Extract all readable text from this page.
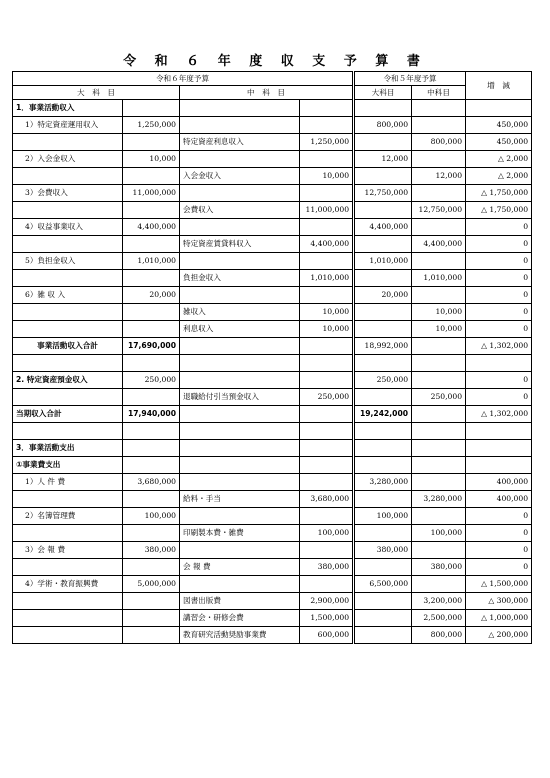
令 和 ６ 年 度 収 支 予 算 書
令和６年度予算				令和５年度予算		増　減
大　科　目		中　科　目		大科目	中科目	
1．事業活動収入						
1）特定資産運用収入	1,250,000			800,000		450,000
		特定資産利息収入	1,250,000		800,000	450,000
2）入会金収入	10,000			12,000		△ 2,000
		入会金収入	10,000		12,000	△ 2,000
3）会費収入	11,000,000			12,750,000		△ 1,750,000
		会費収入	11,000,000		12,750,000	△ 1,750,000
4）収益事業収入	4,400,000			4,400,000		0
		特定資産賃貸料収入	4,400,000		4,400,000	0
5）負担金収入	1,010,000			1,010,000		0
		負担金収入	1,010,000		1,010,000	0
6）雑 収 入	20,000			20,000		0
		雑収入	10,000		10,000	0
		利息収入	10,000		10,000	0
事業活動収入合計	17,690,000			18,992,000		△ 1,302,000

2. 特定資産預金収入	250,000			250,000		0
		退職給付引当預金収入	250,000		250,000	0
当期収入合計	17,940,000			19,242,000		△ 1,302,000

3．事業活動支出						
①事業費支出						
1）人 件 費	3,680,000			3,280,000		400,000
		給料・手当	3,680,000		3,280,000	400,000
2）名簿管理費	100,000			100,000		0
		印刷製本費・雑費	100,000		100,000	0
3）会 報 費	380,000			380,000		0
		会 報 費	380,000		380,000	0
4）学術・教育振興費	5,000,000			6,500,000		△ 1,500,000
		図書出版費	2,900,000		3,200,000	△ 300,000
		講習会・研修会費	1,500,000		2,500,000	△ 1,000,000
		教育研究活動奨励事業費	600,000		800,000	△ 200,000
